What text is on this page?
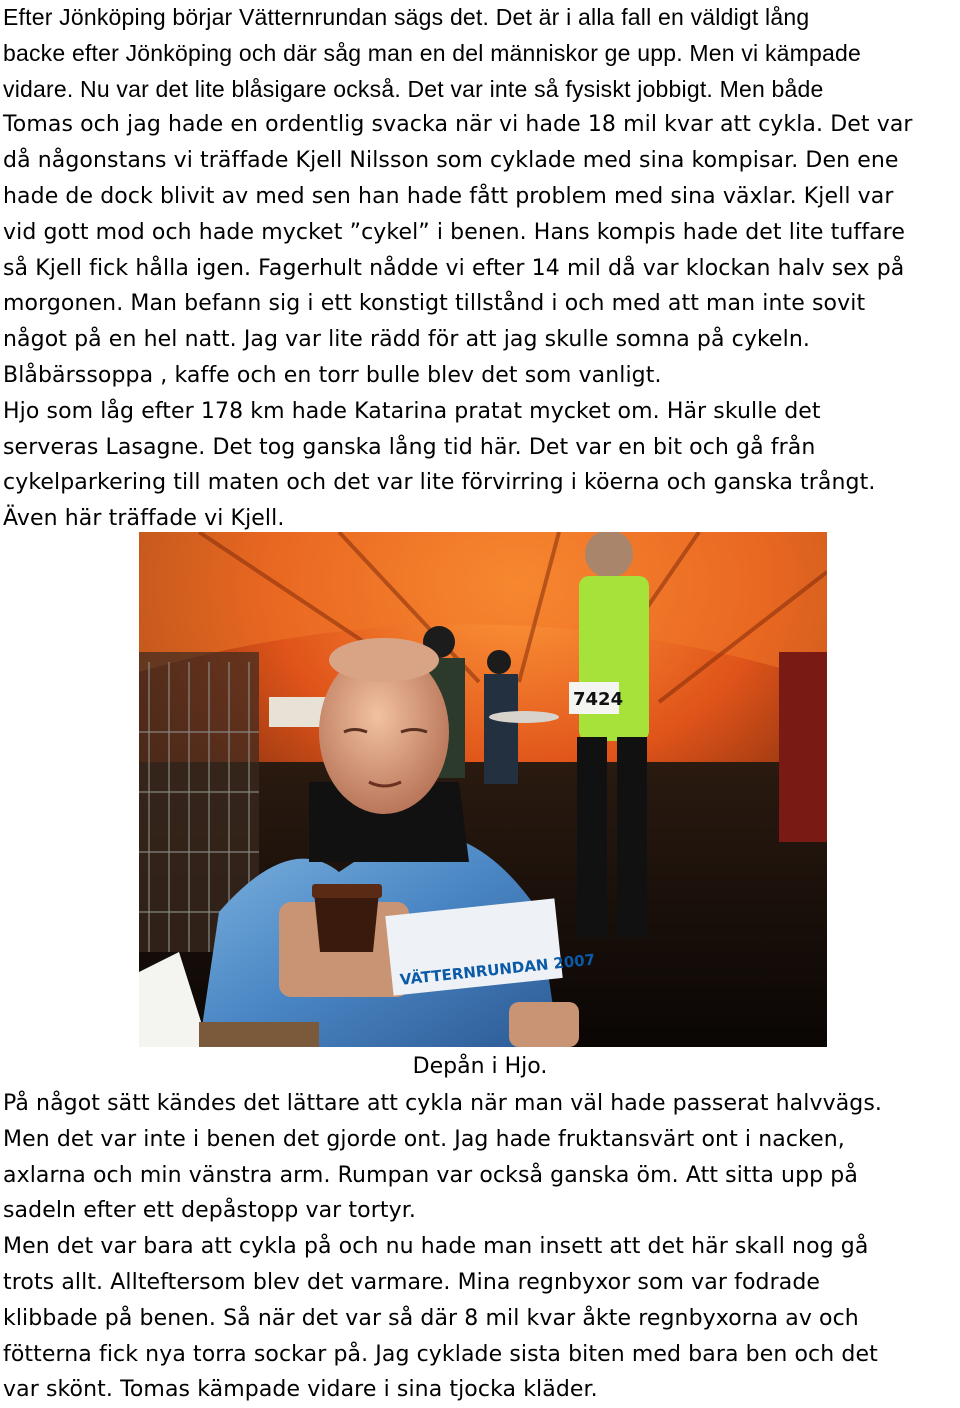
Efter Jönköping börjar Vätternrundan sägs det. Det är i alla fall en väldigt lång
backe efter Jönköping och där såg man en del människor ge upp. Men vi kämpade
vidare. Nu var det lite blåsigare också. Det var inte så fysiskt jobbigt. Men både
Tomas och jag hade en ordentlig svacka när vi hade 18 mil kvar att cykla. Det var
då någonstans vi träffade Kjell Nilsson som cyklade med sina kompisar. Den ene
hade de dock blivit av med sen han hade fått problem med sina växlar. Kjell var
vid gott mod och hade mycket ”cykel” i benen. Hans kompis hade det lite tuffare
så Kjell fick hålla igen. Fagerhult nådde vi efter 14 mil då var klockan halv sex på
morgonen. Man befann sig i ett konstigt tillstånd i och med att man inte sovit
något på en hel natt. Jag var lite rädd för att jag skulle somna på cykeln.
Blåbärssoppa , kaffe och en torr bulle blev det som vanligt.
Hjo som låg efter 178 km hade Katarina pratat mycket om. Här skulle det
serveras Lasagne. Det tog ganska lång tid här. Det var en bit och gå från
cykelparkering till maten och det var lite förvirring i köerna och ganska trångt.
Även här träffade vi Kjell.
7424
VÄTTERNRUNDAN 2007
Depån i Hjo.
På något sätt kändes det lättare att cykla när man väl hade passerat halvvägs.
Men det var inte i benen det gjorde ont. Jag hade fruktansvärt ont i nacken,
axlarna och min vänstra arm. Rumpan var också ganska öm. Att sitta upp på
sadeln efter ett depåstopp var tortyr.
Men det var bara att cykla på och nu hade man insett att det här skall nog gå
trots allt. Allteftersom blev det varmare. Mina regnbyxor som var fodrade
klibbade på benen. Så när det var så där 8 mil kvar åkte regnbyxorna av och
fötterna fick nya torra sockar på. Jag cyklade sista biten med bara ben och det
var skönt. Tomas kämpade vidare i sina tjocka kläder.
